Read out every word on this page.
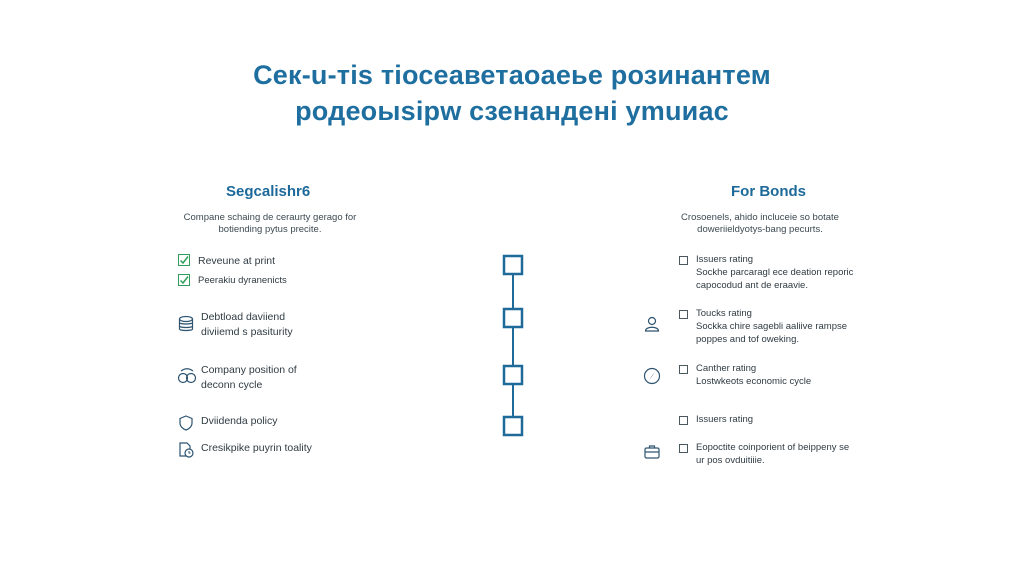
Сек-u-тis тiосеаветаоаеье розинантем
родеоыsipw сзенандені ymuиас
Segcalishr6
Compane schaing de ceraurty gerago for
botiending pytus precite.
Reveune at print
Peerakiu dyranenicts
Debtload daviiend
diviiemd s pasiturity
Company position of
deconn cycle
Dviidenda policy
Cresikpike puyrin toality
For Bonds
Crosoenels, ahido incluceie so botate
doweriieldyotys-bang pecurts.
Issuers rating
Sockhe parcaragl ece deation reporic
capocodud ant de eraavie.
Toucks rating
Sockka chire sagebli aaliive rampse
poppes and tof oweking.
Canther rating
Lostwkeots economic cycle
Issuers rating
Eopoctite coinporient of beippeny se
ur pos ovduitiiie.
